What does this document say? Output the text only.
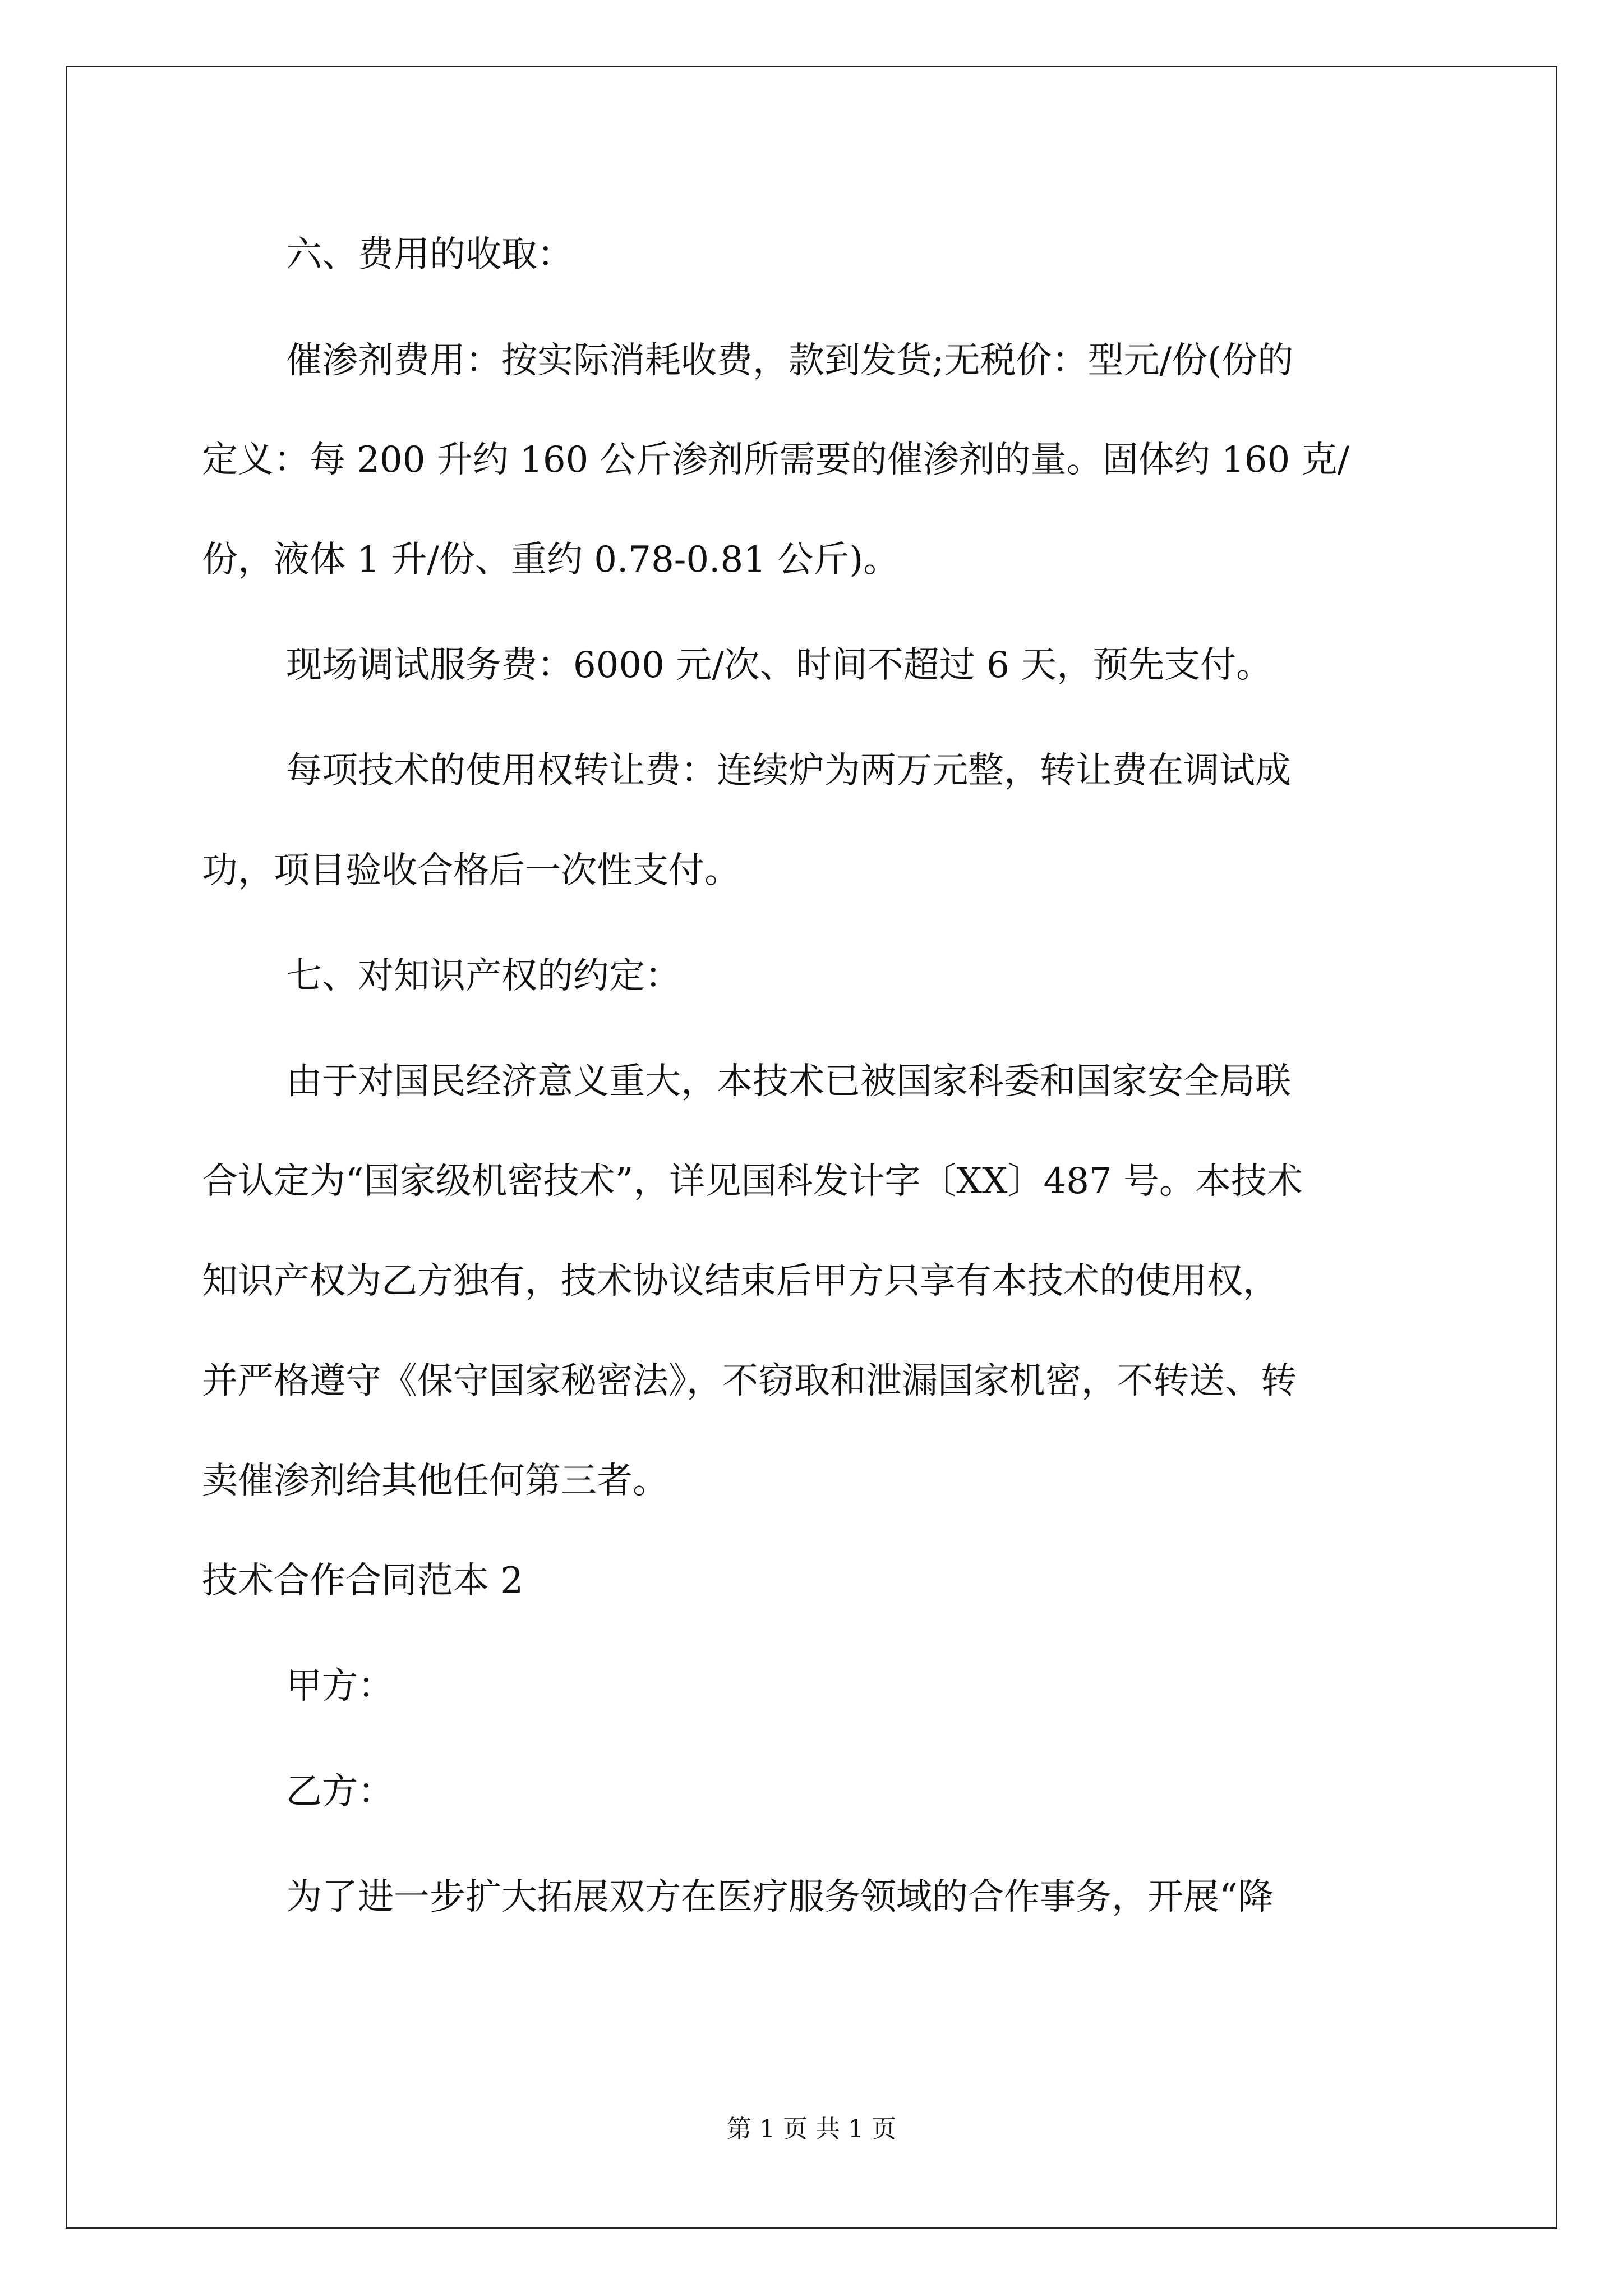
六、费用的收取：
催渗剂费用：按实际消耗收费，款到发货;无税价：型元/份(份的
定义：每 200 升约 160 公斤渗剂所需要的催渗剂的量。固体约 160 克/
份，液体 1 升/份、重约 0.78-0.81 公斤)。
现场调试服务费：6000 元/次、时间不超过 6 天，预先支付。
每项技术的使用权转让费：连续炉为两万元整，转让费在调试成
功，项目验收合格后一次性支付。
七、对知识产权的约定：
由于对国民经济意义重大，本技术已被国家科委和国家安全局联
合认定为“国家级机密技术”，详见国科发计字〔XX〕487 号。本技术
知识产权为乙方独有，技术协议结束后甲方只享有本技术的使用权，
并严格遵守《保守国家秘密法》，不窃取和泄漏国家机密，不转送、转
卖催渗剂给其他任何第三者。
技术合作合同范本 2
甲方：
乙方：
为了进一步扩大拓展双方在医疗服务领域的合作事务，开展“降
第 1 页 共 1 页
